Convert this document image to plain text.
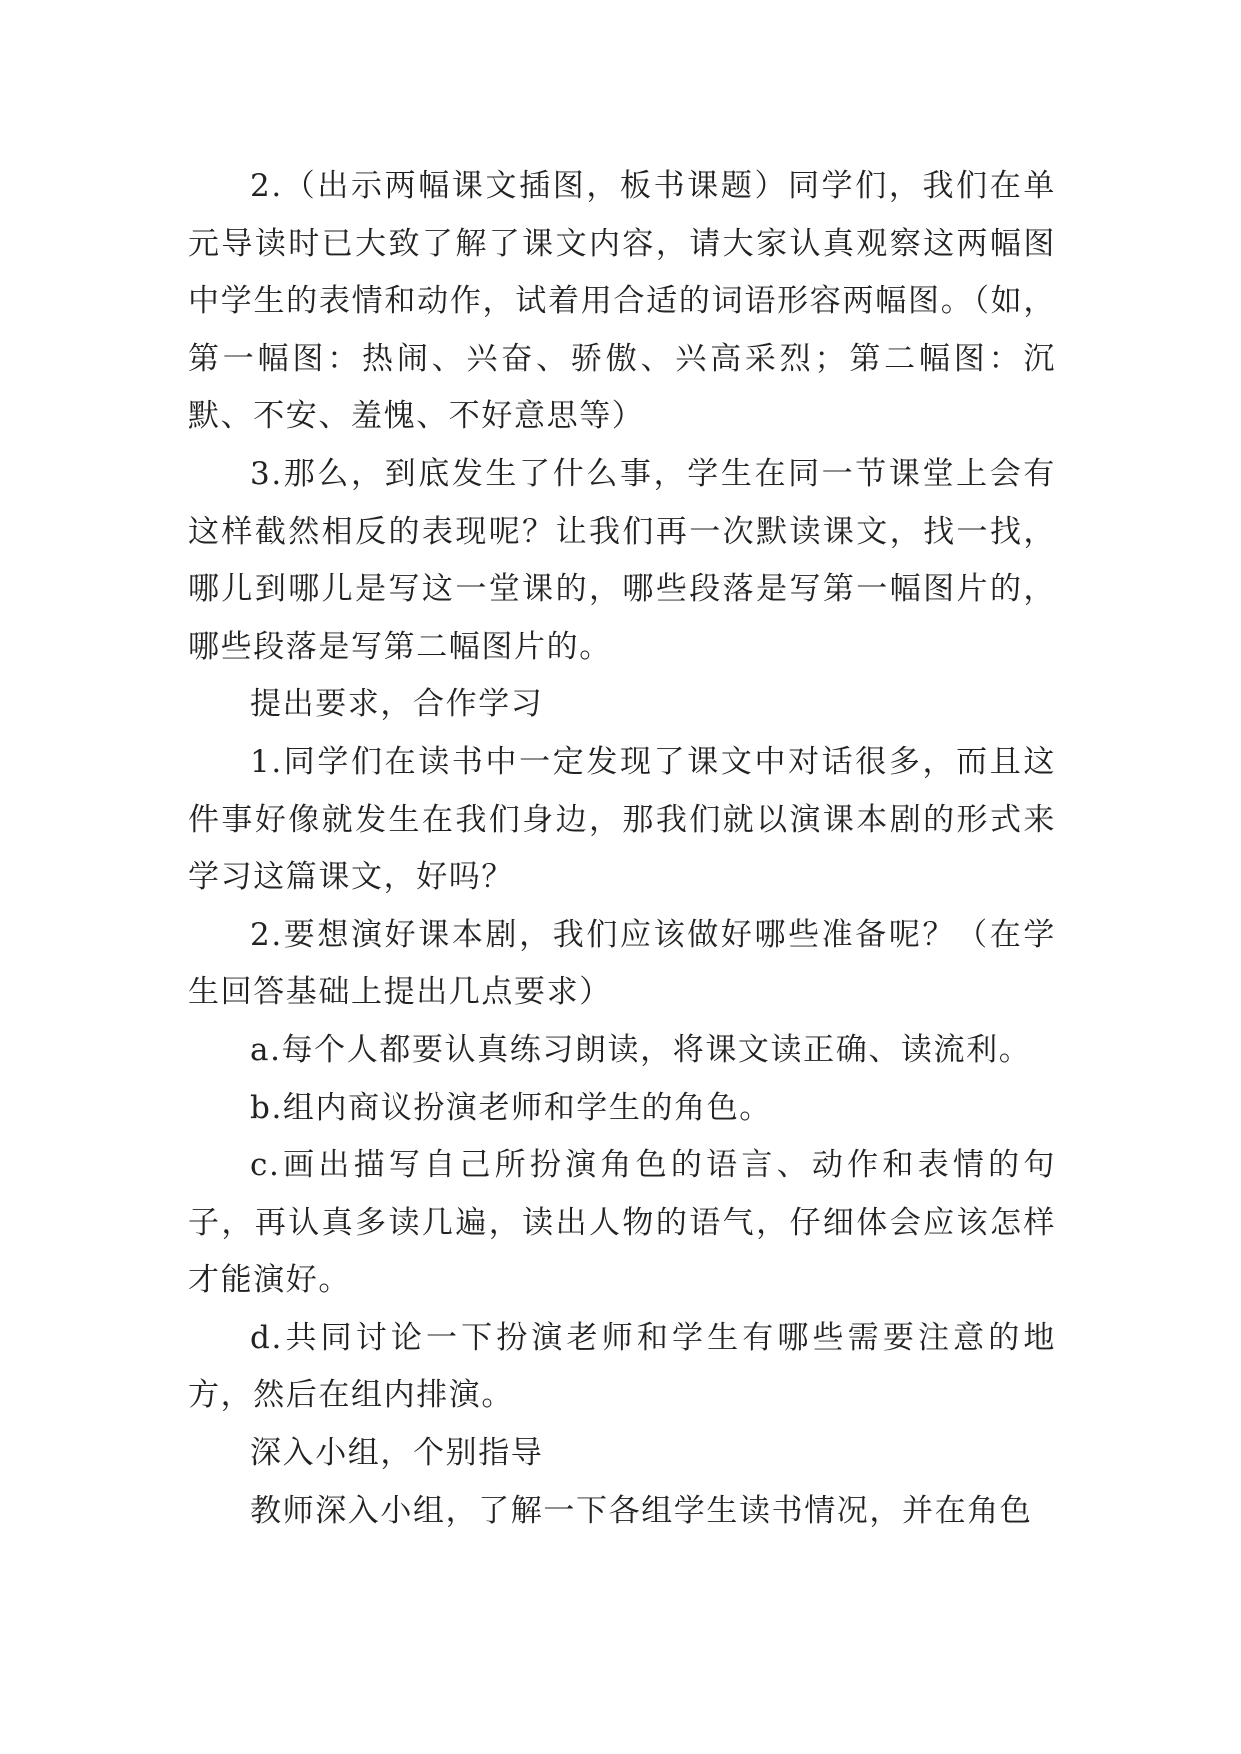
2.（出示两幅课文插图，板书课题）同学们，我们在单元导读时已大致了解了课文内容，请大家认真观察这两幅图中学生的表情和动作，试着用合适的词语形容两幅图。（如，第一幅图：热闹、兴奋、骄傲、兴高采烈；第二幅图：沉默、不安、羞愧、不好意思等）

3.那么，到底发生了什么事，学生在同一节课堂上会有这样截然相反的表现呢？让我们再一次默读课文，找一找，哪儿到哪儿是写这一堂课的，哪些段落是写第一幅图片的，哪些段落是写第二幅图片的。

提出要求，合作学习

1.同学们在读书中一定发现了课文中对话很多，而且这件事好像就发生在我们身边，那我们就以演课本剧的形式来学习这篇课文，好吗？

2.要想演好课本剧，我们应该做好哪些准备呢？（在学生回答基础上提出几点要求）

a.每个人都要认真练习朗读，将课文读正确、读流利。

b.组内商议扮演老师和学生的角色。

c.画出描写自己所扮演角色的语言、动作和表情的句子，再认真多读几遍，读出人物的语气，仔细体会应该怎样才能演好。

d.共同讨论一下扮演老师和学生有哪些需要注意的地方，然后在组内排演。

深入小组，个别指导

教师深入小组，了解一下各组学生读书情况，并在角色
